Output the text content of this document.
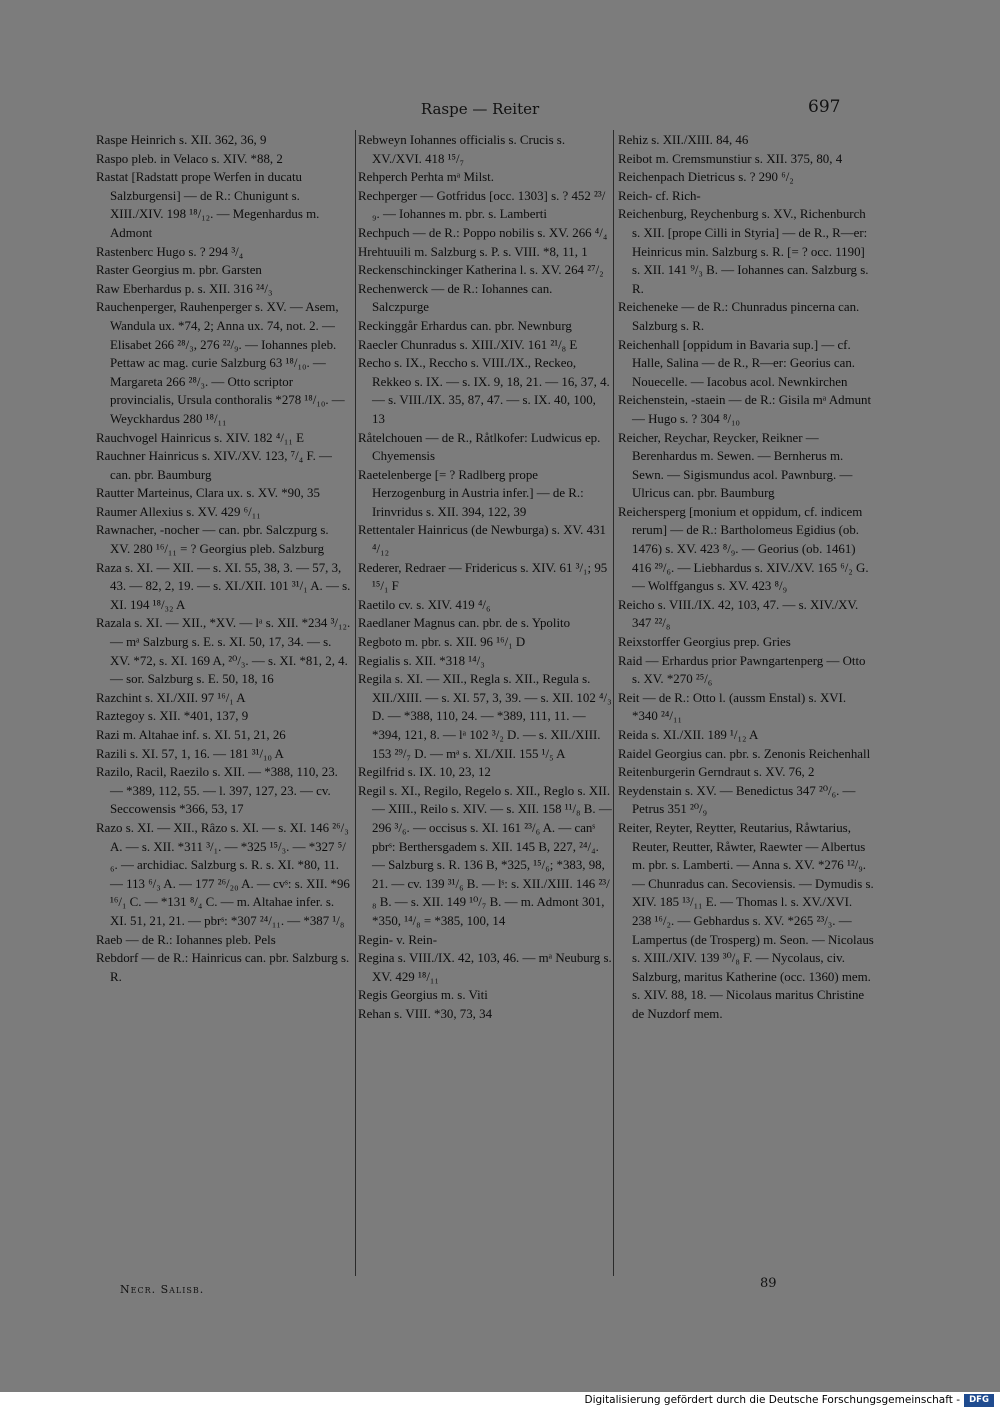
Raspe — Reiter	697
Raspe Heinrich s. XII. 362, 36, 9
Raspo pleb. in Velaco s. XIV. *88, 2
Rastat [Radstatt prope Werfen in ducatu Salzburgensi] — de R.: Chunigunt s. XIII./XIV. 198 ¹⁸/₁₂. — Megenhardus m. Admont
Rastenberc Hugo s. ? 294 ³/₄
Raster Georgius m. pbr. Garsten
Raw Eberhardus p. s. XII. 316 ²⁴/₃
Rauchenperger, Rauhenperger s. XV. — Asem, Wandula ux. *74, 2; Anna ux. 74, not. 2. — Elisabet 266 ²⁸/₃, 276 ²²/₉. — Iohannes pleb. Pettaw ac mag. curie Salzburg 63 ¹⁸/₁₀. — Margareta 266 ²⁸/₃. — Otto scriptor provincialis, Ursula conthoralis *278 ¹⁸/₁₀. — Weyckhardus 280 ¹⁸/₁₁
Rauchvogel Hainricus s. XIV. 182 ⁴/₁₁ E
Rauchner Hainricus s. XIV./XV. 123, ⁷/₄ F. — can. pbr. Baumburg
Rautter Marteinus, Clara ux. s. XV. *90, 35
Raumer Allexius s. XV. 429 ⁶/₁₁
Rawnacher, -nocher — can. pbr. Salczpurg s. XV. 280 ¹⁶/₁₁ = ? Georgius pleb. Salzburg
Raza s. XI. — XII. — s. XI. 55, 38, 3. — 57, 3, 43. — 82, 2, 19. — s. XI./XII. 101 ³¹/₁ A. — s. XI. 194 ¹⁸/₃₂ A
Razala s. XI. — XII., *XV. — lᵃ s. XII. *234 ³/₁₂. — mᵃ Salzburg s. E. s. XI. 50, 17, 34. — s. XV. *72, s. XI. 169 A, ²⁰/₃. — s. XI. *81, 2, 4. — sor. Salzburg s. E. 50, 18, 16
Razchint s. XI./XII. 97 ¹⁶/₁ A
Raztegoy s. XII. *401, 137, 9
Razi m. Altahae inf. s. XI. 51, 21, 26
Razili s. XI. 57, 1, 16. — 181 ³¹/₁₀ A
Razilo, Racil, Raezilo s. XII. — *388, 110, 23. — *389, 112, 55. — l. 397, 127, 23. — cv. Seccowensis *366, 53, 17
Razo s. XI. — XII., Râzo s. XI. — s. XI. 146 ²⁶/₃ A. — s. XII. *311 ³/₁. — *325 ¹⁵/₃. — *327 ⁵/₆. — archidiac. Salzburg s. R. s. XI. *80, 11. — 113 ⁶/₃ A. — 177 ²⁶/₂₀ A. — cvˢ: s. XII. *96 ¹⁶/₁ C. — *131 ⁸/₄ C. — m. Altahae infer. s. XI. 51, 21, 21. — pbrˢ: *307 ²⁴/₁₁. — *387 ¹/₈
Raeb — de R.: Iohannes pleb. Pels
Rebdorf — de R.: Hainricus can. pbr. Salzburg s. R.
Rebweyn Iohannes officialis s. Crucis s. XV./XVI. 418 ¹⁵/₇
Rehperch Perhta mᵃ Milst.
Rechperger — Gotfridus [occ. 1303] s. ? 452 ²³/₉. — Iohannes m. pbr. s. Lamberti
Rechpuch — de R.: Poppo nobilis s. XV. 266 ⁴/₄
Hrehtuuili m. Salzburg s. P. s. VIII. *8, 11, 1
Reckenschinckinger Katherina l. s. XV. 264 ²⁷/₂
Rechenwerck — de R.: Iohannes can. Salczpurge
Reckinggår Erhardus can. pbr. Newnburg
Raecler Chunradus s. XIII./XIV. 161 ²¹/₈ E
Recho s. IX., Reccho s. VIII./IX., Reckeo, Rekkeo s. IX. — s. IX. 9, 18, 21. — 16, 37, 4. — s. VIII./IX. 35, 87, 47. — s. IX. 40, 100, 13
Råtelchouen — de R., Råtlkofer: Ludwicus ep. Chyemensis
Raetelenberge [= ? Radlberg prope Herzogenburg in Austria infer.] — de R.: Irinvridus s. XII. 394, 122, 39
Rettentaler Hainricus (de Newburga) s. XV. 431 ⁴/₁₂
Rederer, Redraer — Fridericus s. XIV. 61 ³/₁; 95 ¹⁵/₁ F
Raetilo cv. s. XIV. 419 ⁴/₆
Raedlaner Magnus can. pbr. de s. Ypolito
Regboto m. pbr. s. XII. 96 ¹⁶/₁ D
Regialis s. XII. *318 ¹⁴/₃
Regila s. XI. — XII., Regla s. XII., Regula s. XII./XIII. — s. XI. 57, 3, 39. — s. XII. 102 ⁴/₃ D. — *388, 110, 24. — *389, 111, 11. — *394, 121, 8. — lᵃ 102 ³/₂ D. — s. XII./XIII. 153 ²⁹/₇ D. — mᵃ s. XI./XII. 155 ¹/₅ A
Regilfrid s. IX. 10, 23, 12
Regil s. XI., Regilo, Regelo s. XII., Reglo s. XII. — XIII., Reilo s. XIV. — s. XII. 158 ¹¹/₈ B. — 296 ³/₆. — occisus s. XI. 161 ²³/₆ A. — canˢ pbrˢ: Berthersgadem s. XII. 145 B, 227, ²⁴/₄. — Salzburg s. R. 136 B, *325, ¹⁵/₆; *383, 98, 21. — cv. 139 ³¹/₆ B. — lˢ: s. XII./XIII. 146 ²³/₈ B. — s. XII. 149 ¹⁰/₇ B. — m. Admont 301, *350, ¹⁴/₈ = *385, 100, 14
Regin- v. Rein-
Regina s. VIII./IX. 42, 103, 46. — mᵃ Neuburg s. XV. 429 ¹⁸/₁₁
Regis Georgius m. s. Viti
Rehan s. VIII. *30, 73, 34
Rehiz s. XII./XIII. 84, 46
Reibot m. Cremsmunstiur s. XII. 375, 80, 4
Reichenpach Dietricus s. ? 290 ⁶/₂
Reich- cf. Rich-
Reichenburg, Reychenburg s. XV., Richenburch s. XII. [prope Cilli in Styria] — de R., R—er: Heinricus min. Salzburg s. R. [= ? occ. 1190] s. XII. 141 ⁹/₃ B. — Iohannes can. Salzburg s. R.
Reicheneke — de R.: Chunradus pincerna can. Salzburg s. R.
Reichenhall [oppidum in Bavaria sup.] — cf. Halle, Salina — de R., R—er: Georius can. Nouecelle. — Iacobus acol. Newnkirchen
Reichenstein, -staein — de R.: Gisila mᵃ Admunt — Hugo s. ? 304 ⁸/₁₀
Reicher, Reychar, Reycker, Reikner — Berenhardus m. Sewen. — Bernherus m. Sewn. — Sigismundus acol. Pawnburg. — Ulricus can. pbr. Baumburg
Reichersperg [monium et oppidum, cf. indicem rerum] — de R.: Bartholomeus Egidius (ob. 1476) s. XV. 423 ⁸/₉. — Georius (ob. 1461) 416 ²⁹/₆. — Liebhardus s. XIV./XV. 165 ⁶/₂ G. — Wolffgangus s. XV. 423 ⁸/₉
Reicho s. VIII./IX. 42, 103, 47. — s. XIV./XV. 347 ²²/₈
Reixstorffer Georgius prep. Gries
Raid — Erhardus prior Pawngartenperg — Otto s. XV. *270 ²⁵/₆
Reit — de R.: Otto l. (aussm Enstal) s. XVI. *340 ²⁴/₁₁
Reida s. XI./XII. 189 ¹/₁₂ A
Raidel Georgius can. pbr. s. Zenonis Reichenhall
Reitenburgerin Gerndraut s. XV. 76, 2
Reydenstain s. XV. — Benedictus 347 ²⁰/₆. — Petrus 351 ²⁰/₉
Reiter, Reyter, Reytter, Reutarius, Råwtarius, Reuter, Reutter, Råwter, Raewter — Albertus m. pbr. s. Lamberti. — Anna s. XV. *276 ¹²/₉. — Chunradus can. Secoviensis. — Dymudis s. XIV. 185 ¹³/₁₁ E. — Thomas l. s. XV./XVI. 238 ¹⁶/₂. — Gebhardus s. XV. *265 ²³/₃. — Lampertus (de Trosperg) m. Seon. — Nicolaus s. XIII./XIV. 139 ³⁰/₈ F. — Nycolaus, civ. Salzburg, maritus Katherine (occ. 1360) mem. s. XIV. 88, 18. — Nicolaus maritus Christine de Nuzdorf mem.
Necr. Salisb.	89
Digitalisierung gefördert durch die Deutsche Forschungsgemeinschaft -	DFG
